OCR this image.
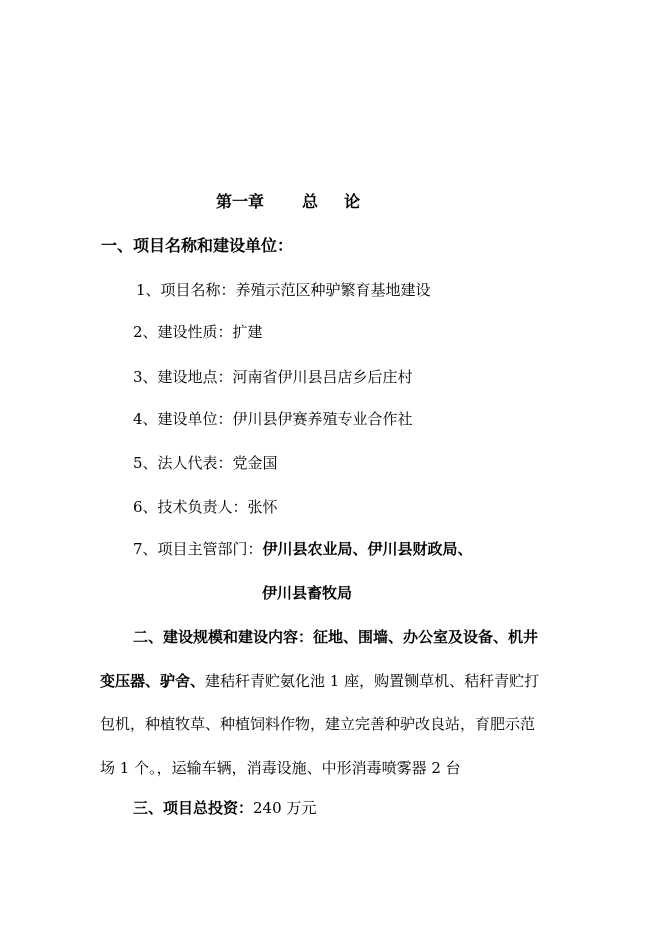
第一章 总 论
一、项目名称和建设单位：
1、项目名称：养殖示范区种驴繁育基地建设
2、建设性质：扩建
3、建设地点：河南省伊川县吕店乡后庄村
4、建设单位：伊川县伊赛养殖专业合作社
5、法人代表：党金国
6、技术负责人：张怀
7、项目主管部门：伊川县农业局、伊川县财政局、
伊川县畜牧局
二、建设规模和建设内容：征地、围墙、办公室及设备、机井
变压器、驴舍、建秸秆青贮氨化池 1 座，购置铡草机、秸秆青贮打
包机，种植牧草、种植饲料作物，建立完善种驴改良站，育肥示范
场 1 个。，运输车辆，消毒设施、中形消毒喷雾器 2 台
三、项目总投资：240 万元
